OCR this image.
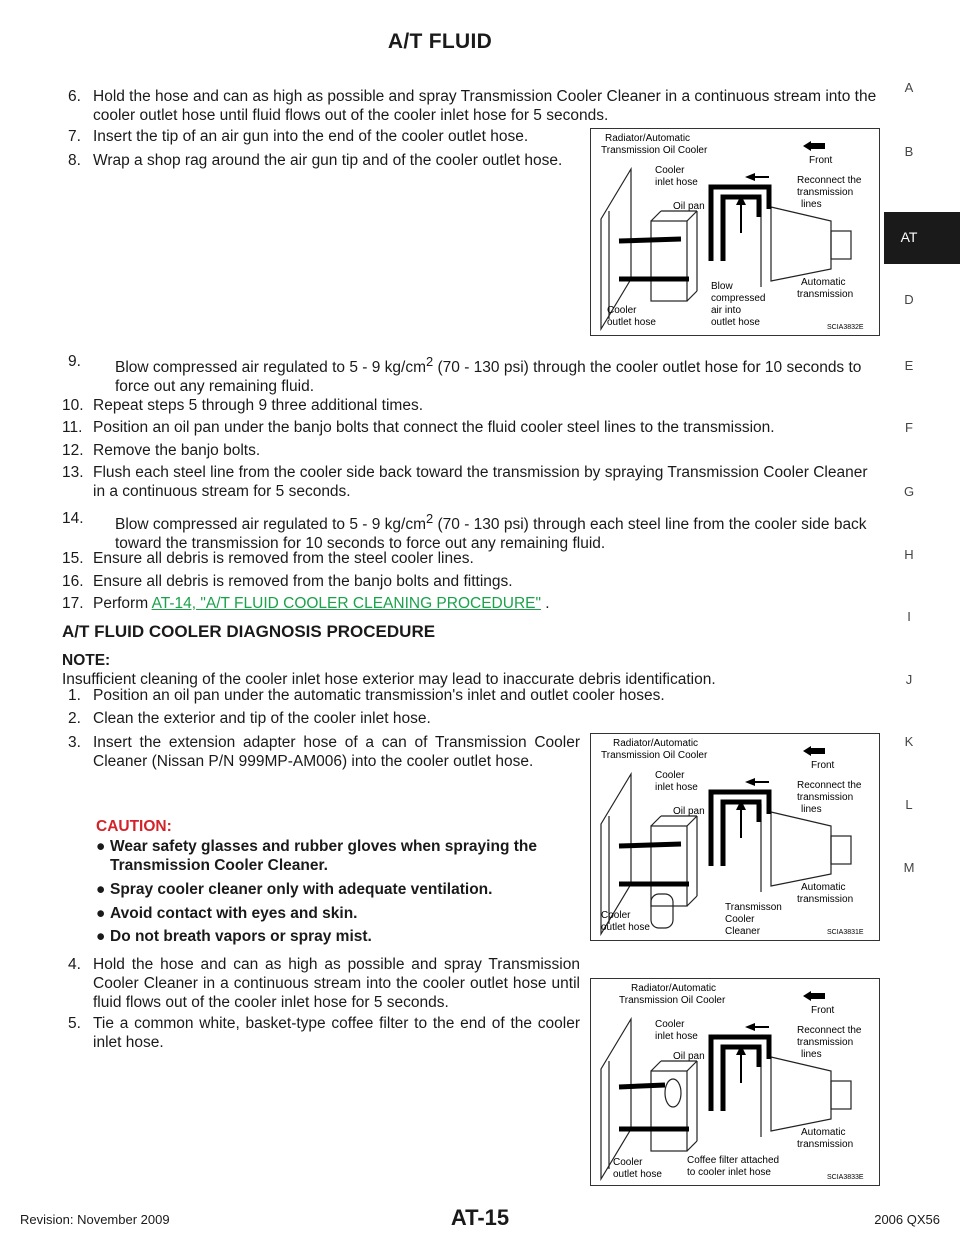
A/T FLUID
A
B
AT
D
E
F
G
H
I
J
K
L
M
6. Hold the hose and can as high as possible and spray Transmission Cooler Cleaner in a continuous stream into the cooler outlet hose until fluid flows out of the cooler inlet hose for 5 seconds.
7. Insert the tip of an air gun into the end of the cooler outlet hose.
8. Wrap a shop rag around the air gun tip and of the cooler outlet hose.
9.	Blow compressed air regulated to 5 - 9 $kg/cm^2$ (70 - 130 psi) through the cooler outlet hose for 10 seconds to force out any remaining fluid.
10. Repeat steps 5 through 9 three additional times.
11. Position an oil pan under the banjo bolts that connect the fluid cooler steel lines to the transmission.
12. Remove the banjo bolts.
13. Flush each steel line from the cooler side back toward the transmission by spraying Transmission Cooler Cleaner in a continuous stream for 5 seconds.
14.	Blow compressed air regulated to 5 - 9 $kg/cm^2$ (70 - 130 psi) through each steel line from the cooler side back toward the transmission for 10 seconds to force out any remaining fluid.
15. Ensure all debris is removed from the steel cooler lines.
16. Ensure all debris is removed from the banjo bolts and fittings.
17. Perform AT-14, "A/T FLUID COOLER CLEANING PROCEDURE" .
A/T FLUID COOLER DIAGNOSIS PROCEDURE
NOTE:
Insufficient cleaning of the cooler inlet hose exterior may lead to inaccurate debris identification.
1. Position an oil pan under the automatic transmission's inlet and outlet cooler hoses.
2. Clean the exterior and tip of the cooler inlet hose.
3. Insert the extension adapter hose of a can of Transmission Cooler Cleaner (Nissan P/N 999MP-AM006) into the cooler outlet hose.
CAUTION:
● Wear safety glasses and rubber gloves when spraying the Transmission Cooler Cleaner.
● Spray cooler cleaner only with adequate ventilation.
● Avoid contact with eyes and skin.
● Do not breath vapors or spray mist.
4. Hold the hose and can as high as possible and spray Transmission Cooler Cleaner in a continuous stream into the cooler outlet hose until fluid flows out of the cooler inlet hose for 5 seconds.
5. Tie a common white, basket-type coffee filter to the end of the cooler inlet hose.
Radiator/Automatic
Transmission Oil Cooler
Front
Cooler
inlet hose
Oil pan
Reconnect the
transmission
lines
Cooler
outlet hose
Automatic
transmission
Blow
compressed
air into
outlet hose	SCIA3832E
Radiator/Automatic
Transmission Oil Cooler
Front
Cooler
inlet hose
Oil pan
Reconnect the
transmission
lines
Cooler
outlet hose
Automatic
transmission
Transmisson
Cooler
Cleaner	SCIA3831E
Radiator/Automatic
Transmission Oil Cooler
Front
Cooler
inlet hose
Oil pan
Reconnect the
transmission
lines
Cooler
outlet hose
Automatic
transmission
Coffee filter attached
to cooler inlet hose	SCIA3833E
Revision: November 2009	AT-15	2006 QX56
